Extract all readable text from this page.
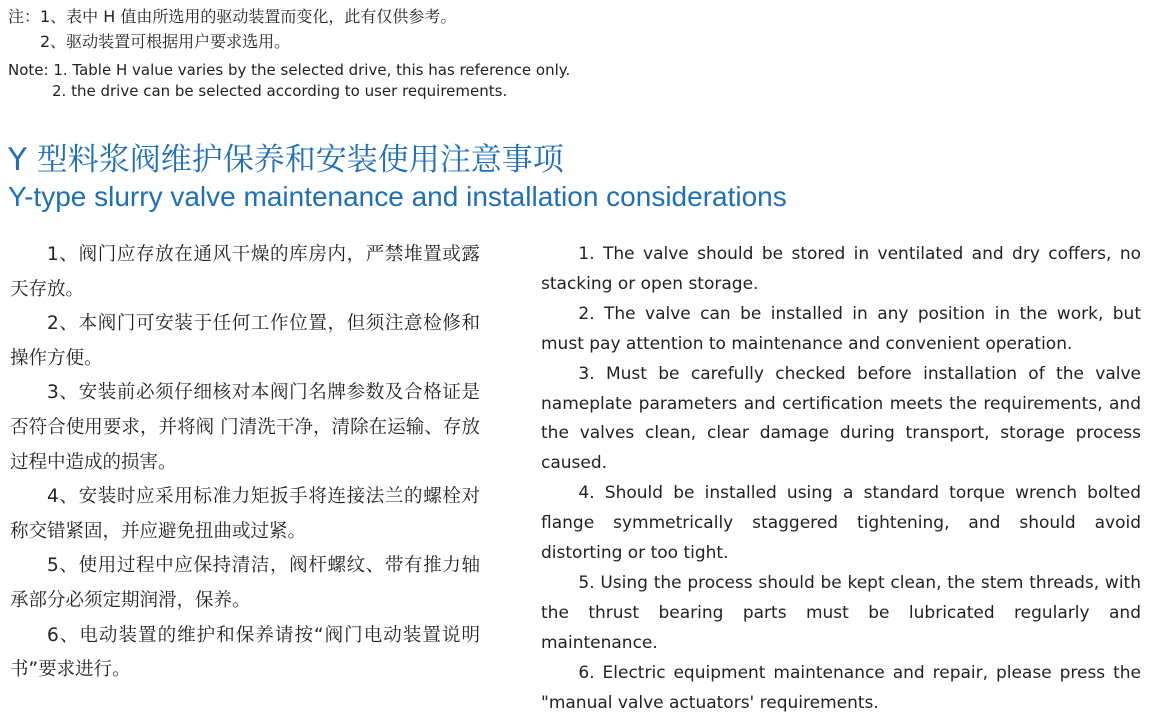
注：1、表中 H 值由所选用的驱动装置而变化，此有仅供参考。
2、驱动装置可根据用户要求选用。
Note: 1. Table H value varies by the selected drive, this has reference only.
2. the drive can be selected according to user requirements.
Y 型料浆阀维护保养和安装使用注意事项
Y-type slurry valve maintenance and installation considerations

1、阀门应存放在通风干燥的库房内，严禁堆置或露天存放。

2、本阀门可安装于任何工作位置，但须注意检修和操作方便。

3、安装前必须仔细核对本阀门名牌参数及合格证是否符合使用要求，并将阀 门清洗干净，清除在运输、存放过程中造成的损害。

4、安装时应采用标准力矩扳手将连接法兰的螺栓对称交错紧固，并应避免扭曲或过紧。

5、使用过程中应保持清洁，阀杆螺纹、带有推力轴承部分必须定期润滑，保养。

6、电动装置的维护和保养请按“阀门电动装置说明书”要求进行。

1. The valve should be stored in ventilated and dry coffers, no stacking or open storage.

2. The valve can be installed in any position in the work, but must pay attention to maintenance and convenient operation.

3. Must be carefully checked before installation of the valve nameplate parameters and certification meets the requirements, and the valves clean, clear damage during transport, storage process caused.

4. Should be installed using a standard torque wrench bolted flange symmetrically staggered tightening, and should avoid distorting or too tight.

5. Using the process should be kept clean, the stem threads, with the thrust bearing parts must be lubricated regularly and maintenance.

6. Electric equipment maintenance and repair, please press the "manual valve actuators' requirements.
